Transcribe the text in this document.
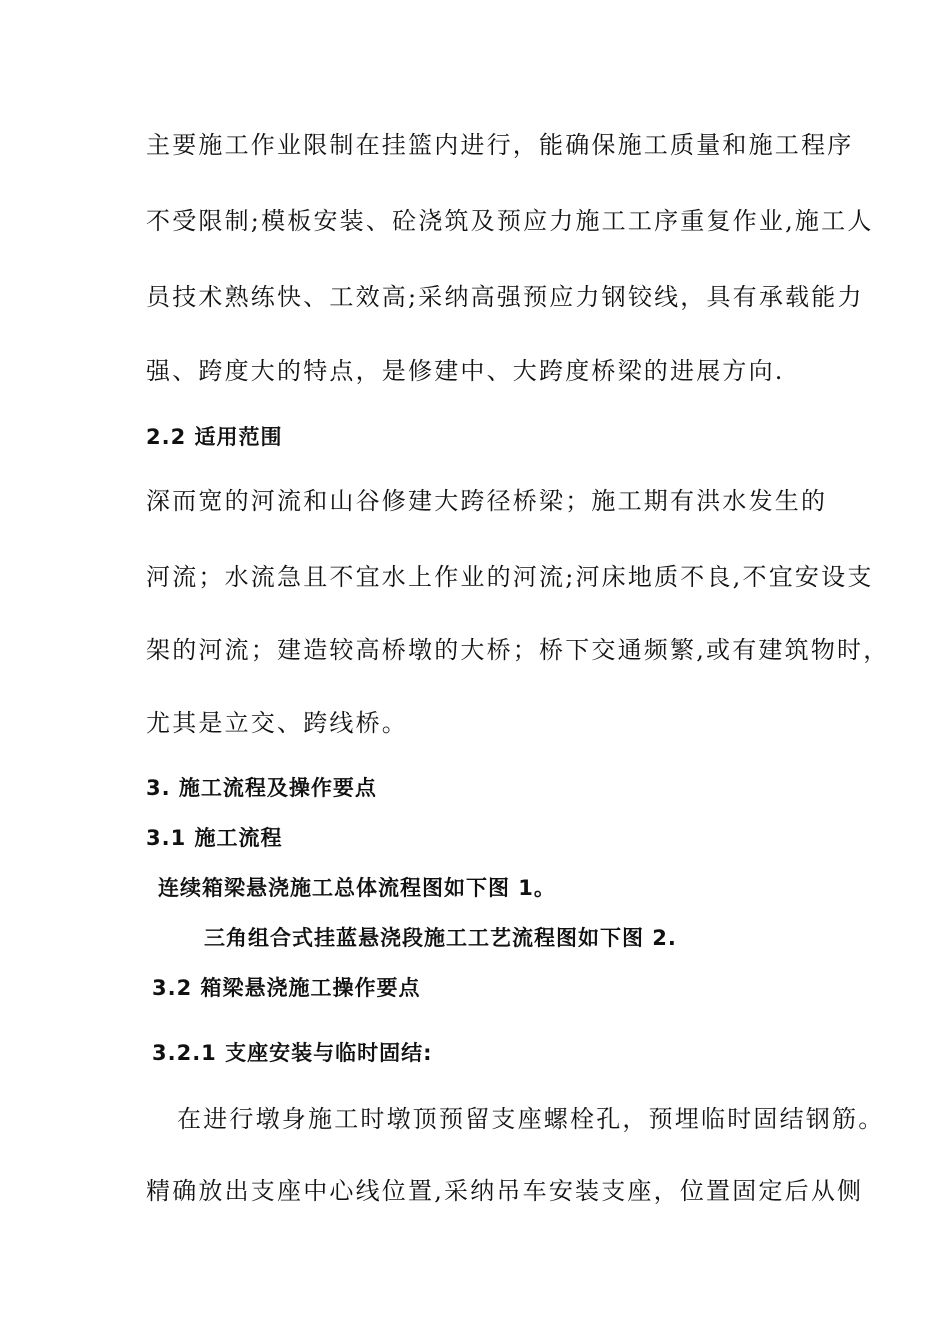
主要施工作业限制在挂篮内进行，能确保施工质量和施工程序
不受限制;模板安装、砼浇筑及预应力施工工序重复作业,施工人
员技术熟练快、工效高;采纳高强预应力钢铰线，具有承载能力
强、跨度大的特点，是修建中、大跨度桥梁的进展方向.
2.2 适用范围
深而宽的河流和山谷修建大跨径桥梁；施工期有洪水发生的
河流；水流急且不宜水上作业的河流;河床地质不良,不宜安设支
架的河流；建造较高桥墩的大桥；桥下交通频繁,或有建筑物时，
尤其是立交、跨线桥。
3. 施工流程及操作要点
3.1 施工流程
连续箱梁悬浇施工总体流程图如下图 1。
三角组合式挂蓝悬浇段施工工艺流程图如下图 2.
3.2 箱梁悬浇施工操作要点
3.2.1 支座安装与临时固结:
在进行墩身施工时墩顶预留支座螺栓孔，预埋临时固结钢筋。
精确放出支座中心线位置,采纳吊车安装支座，位置固定后从侧
